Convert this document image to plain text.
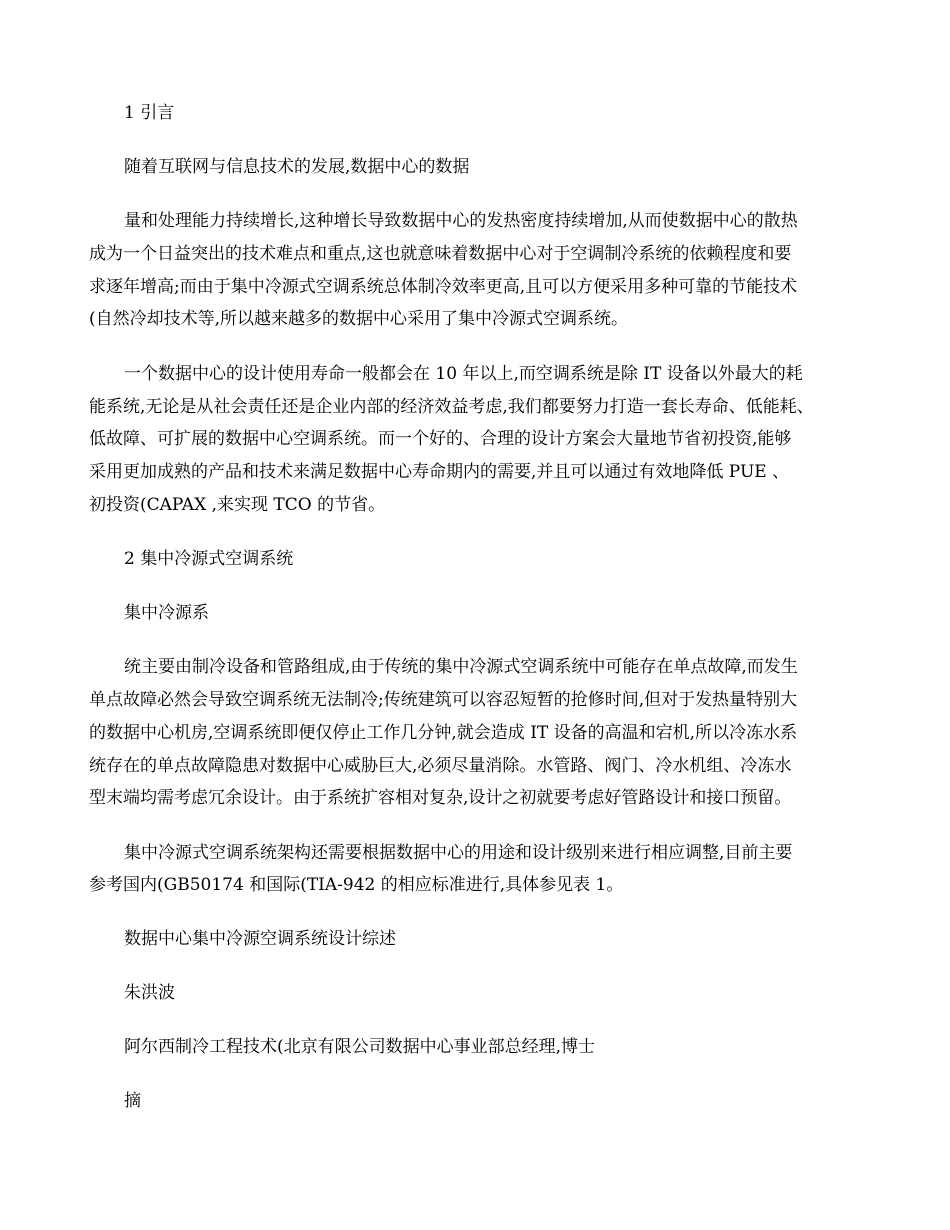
1 引言
随着互联网与信息技术的发展,数据中心的数据
量和处理能力持续增长,这种增长导致数据中心的发热密度持续增加,从而使数据中心的散热
成为一个日益突出的技术难点和重点,这也就意味着数据中心对于空调制冷系统的依赖程度和要
求逐年增高;而由于集中冷源式空调系统总体制冷效率更高,且可以方便采用多种可靠的节能技术
(自然冷却技术等,所以越来越多的数据中心采用了集中冷源式空调系统。
一个数据中心的设计使用寿命一般都会在 10 年以上,而空调系统是除 IT 设备以外最大的耗
能系统,无论是从社会责任还是企业内部的经济效益考虑,我们都要努力打造一套长寿命、低能耗、
低故障、可扩展的数据中心空调系统。而一个好的、合理的设计方案会大量地节省初投资,能够
采用更加成熟的产品和技术来满足数据中心寿命期内的需要,并且可以通过有效地降低 PUE 、
初投资(CAPAX ,来实现 TCO 的节省。
2 集中冷源式空调系统
集中冷源系
统主要由制冷设备和管路组成,由于传统的集中冷源式空调系统中可能存在单点故障,而发生
单点故障必然会导致空调系统无法制冷;传统建筑可以容忍短暂的抢修时间,但对于发热量特别大
的数据中心机房,空调系统即便仅停止工作几分钟,就会造成 IT 设备的高温和宕机,所以冷冻水系
统存在的单点故障隐患对数据中心威胁巨大,必须尽量消除。水管路、阀门、冷水机组、冷冻水
型末端均需考虑冗余设计。由于系统扩容相对复杂,设计之初就要考虑好管路设计和接口预留。
集中冷源式空调系统架构还需要根据数据中心的用途和设计级别来进行相应调整,目前主要
参考国内(GB50174 和国际(TIA-942 的相应标准进行,具体参见表 1。
数据中心集中冷源空调系统设计综述
朱洪波
阿尔西制冷工程技术(北京有限公司数据中心事业部总经理,博士
摘
